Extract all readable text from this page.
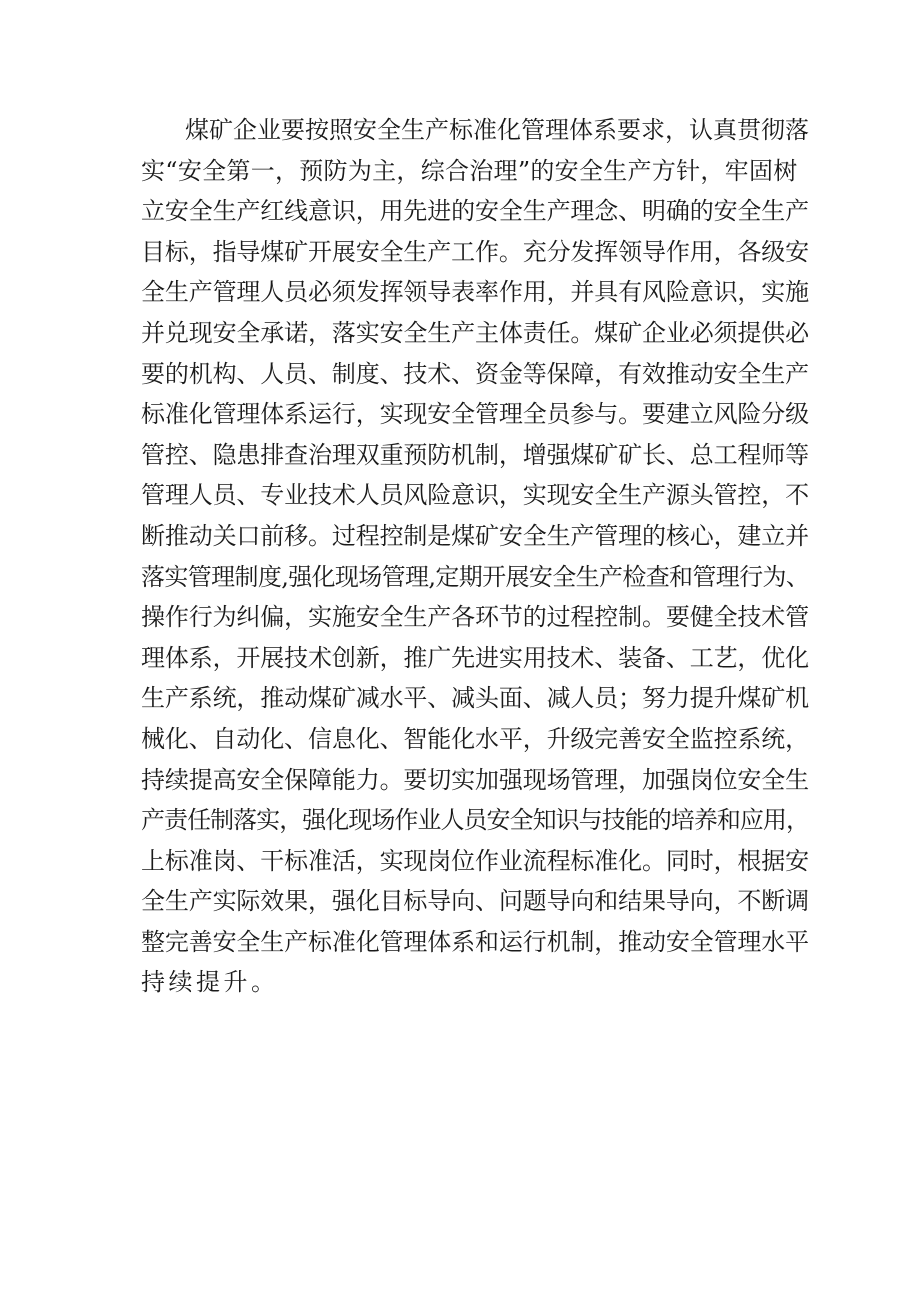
煤矿企业要按照安全生产标准化管理体系要求，认真贯彻落
实“安全第一，预防为主，综合治理”的安全生产方针，牢固树
立安全生产红线意识，用先进的安全生产理念、明确的安全生产
目标，指导煤矿开展安全生产工作。充分发挥领导作用，各级安
全生产管理人员必须发挥领导表率作用，并具有风险意识，实施
并兑现安全承诺，落实安全生产主体责任。煤矿企业必须提供必
要的机构、人员、制度、技术、资金等保障，有效推动安全生产
标准化管理体系运行，实现安全管理全员参与。要建立风险分级
管控、隐患排查治理双重预防机制，增强煤矿矿长、总工程师等
管理人员、专业技术人员风险意识，实现安全生产源头管控，不
断推动关口前移。过程控制是煤矿安全生产管理的核心，建立并
落实管理制度,强化现场管理,定期开展安全生产检查和管理行为、
操作行为纠偏，实施安全生产各环节的过程控制。要健全技术管
理体系，开展技术创新，推广先进实用技术、装备、工艺，优化
生产系统，推动煤矿减水平、减头面、减人员；努力提升煤矿机
械化、自动化、信息化、智能化水平，升级完善安全监控系统，
持续提高安全保障能力。要切实加强现场管理，加强岗位安全生
产责任制落实，强化现场作业人员安全知识与技能的培养和应用，
上标准岗、干标准活，实现岗位作业流程标准化。同时，根据安
全生产实际效果，强化目标导向、问题导向和结果导向，不断调
整完善安全生产标准化管理体系和运行机制，推动安全管理水平
持续提升。
